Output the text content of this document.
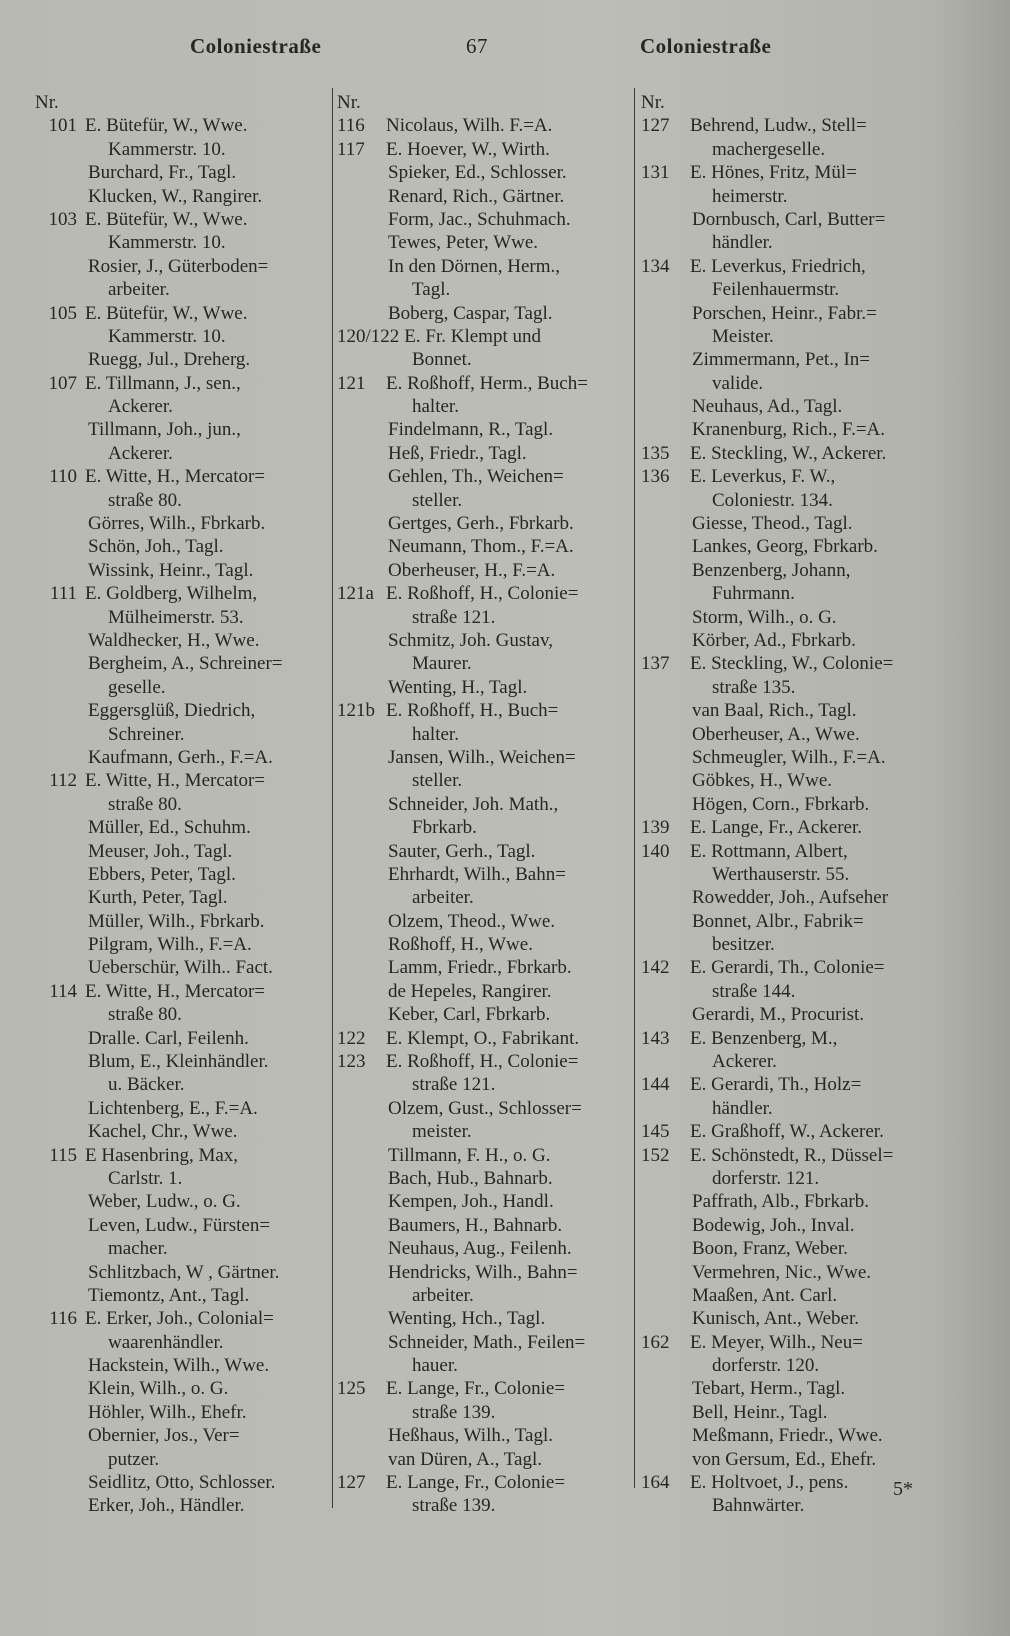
Coloniestraße	67	Coloniestraße
Nr.
101 E. Bütefür, W., Wwe.
Kammerstr. 10.
Burchard, Fr., Tagl.
Klucken, W., Rangirer.
103 E. Bütefür, W., Wwe.
Kammerstr. 10.
Rosier, J., Güterboden=
arbeiter.
105 E. Bütefür, W., Wwe.
Kammerstr. 10.
Ruegg, Jul., Dreherg.
107 E. Tillmann, J., sen.,
Ackerer.
Tillmann, Joh., jun.,
Ackerer.
110 E. Witte, H., Mercator=
straße 80.
Görres, Wilh., Fbrkarb.
Schön, Joh., Tagl.
Wissink, Heinr., Tagl.
111 E. Goldberg, Wilhelm,
Mülheimerstr. 53.
Waldhecker, H., Wwe.
Bergheim, A., Schreiner=
geselle.
Eggersglüß, Diedrich,
Schreiner.
Kaufmann, Gerh., F.=A.
112 E. Witte, H., Mercator=
straße 80.
Müller, Ed., Schuhm.
Meuser, Joh., Tagl.
Ebbers, Peter, Tagl.
Kurth, Peter, Tagl.
Müller, Wilh., Fbrkarb.
Pilgram, Wilh., F.=A.
Ueberschür, Wilh.. Fact.
114 E. Witte, H., Mercator=
straße 80.
Dralle. Carl, Feilenh.
Blum, E., Kleinhändler.
u. Bäcker.
Lichtenberg, E., F.=A.
Kachel, Chr., Wwe.
115 E Hasenbring, Max,
Carlstr. 1.
Weber, Ludw., o. G.
Leven, Ludw., Fürsten=
macher.
Schlitzbach, W , Gärtner.
Tiemontz, Ant., Tagl.
116 E. Erker, Joh., Colonial=
waarenhändler.
Hackstein, Wilh., Wwe.
Klein, Wilh., o. G.
Höhler, Wilh., Ehefr.
Obernier, Jos., Ver=
putzer.
Seidlitz, Otto, Schlosser.
Erker, Joh., Händler.
Nr.
116 Nicolaus, Wilh. F.=A.
117 E. Hoever, W., Wirth.
Spieker, Ed., Schlosser.
Renard, Rich., Gärtner.
Form, Jac., Schuhmach.
Tewes, Peter, Wwe.
In den Dörnen, Herm.,
Tagl.
Boberg, Caspar, Tagl.
120/122 E. Fr. Klempt und
Bonnet.
121 E. Roßhoff, Herm., Buch=
halter.
Findelmann, R., Tagl.
Heß, Friedr., Tagl.
Gehlen, Th., Weichen=
steller.
Gertges, Gerh., Fbrkarb.
Neumann, Thom., F.=A.
Oberheuser, H., F.=A.
121a E. Roßhoff, H., Colonie=
straße 121.
Schmitz, Joh. Gustav,
Maurer.
Wenting, H., Tagl.
121b E. Roßhoff, H., Buch=
halter.
Jansen, Wilh., Weichen=
steller.
Schneider, Joh. Math.,
Fbrkarb.
Sauter, Gerh., Tagl.
Ehrhardt, Wilh., Bahn=
arbeiter.
Olzem, Theod., Wwe.
Roßhoff, H., Wwe.
Lamm, Friedr., Fbrkarb.
de Hepeles, Rangirer.
Keber, Carl, Fbrkarb.
122 E. Klempt, O., Fabrikant.
123 E. Roßhoff, H., Colonie=
straße 121.
Olzem, Gust., Schlosser=
meister.
Tillmann, F. H., o. G.
Bach, Hub., Bahnarb.
Kempen, Joh., Handl.
Baumers, H., Bahnarb.
Neuhaus, Aug., Feilenh.
Hendricks, Wilh., Bahn=
arbeiter.
Wenting, Hch., Tagl.
Schneider, Math., Feilen=
hauer.
125 E. Lange, Fr., Colonie=
straße 139.
Heßhaus, Wilh., Tagl.
van Düren, A., Tagl.
127 E. Lange, Fr., Colonie=
straße 139.
Nr.
127 Behrend, Ludw., Stell=
machergeselle.
131 E. Hönes, Fritz, Mül=
heimerstr.
Dornbusch, Carl, Butter=
händler.
134 E. Leverkus, Friedrich,
Feilenhauermstr.
Porschen, Heinr., Fabr.=
Meister.
Zimmermann, Pet., In=
valide.
Neuhaus, Ad., Tagl.
Kranenburg, Rich., F.=A.
135 E. Steckling, W., Ackerer.
136 E. Leverkus, F. W.,
Coloniestr. 134.
Giesse, Theod., Tagl.
Lankes, Georg, Fbrkarb.
Benzenberg, Johann,
Fuhrmann.
Storm, Wilh., o. G.
Körber, Ad., Fbrkarb.
137 E. Steckling, W., Colonie=
straße 135.
van Baal, Rich., Tagl.
Oberheuser, A., Wwe.
Schmeugler, Wilh., F.=A.
Göbkes, H., Wwe.
Högen, Corn., Fbrkarb.
139 E. Lange, Fr., Ackerer.
140 E. Rottmann, Albert,
Werthauserstr. 55.
Rowedder, Joh., Aufseher
Bonnet, Albr., Fabrik=
besitzer.
142 E. Gerardi, Th., Colonie=
straße 144.
Gerardi, M., Procurist.
143 E. Benzenberg, M.,
Ackerer.
144 E. Gerardi, Th., Holz=
händler.
145 E. Graßhoff, W., Ackerer.
152 E. Schönstedt, R., Düssel=
dorferstr. 121.
Paffrath, Alb., Fbrkarb.
Bodewig, Joh., Inval.
Boon, Franz, Weber.
Vermehren, Nic., Wwe.
Maaßen, Ant. Carl.
Kunisch, Ant., Weber.
162 E. Meyer, Wilh., Neu=
dorferstr. 120.
Tebart, Herm., Tagl.
Bell, Heinr., Tagl.
Meßmann, Friedr., Wwe.
von Gersum, Ed., Ehefr.
164 E. Holtvoet, J., pens.
Bahnwärter.
5*
